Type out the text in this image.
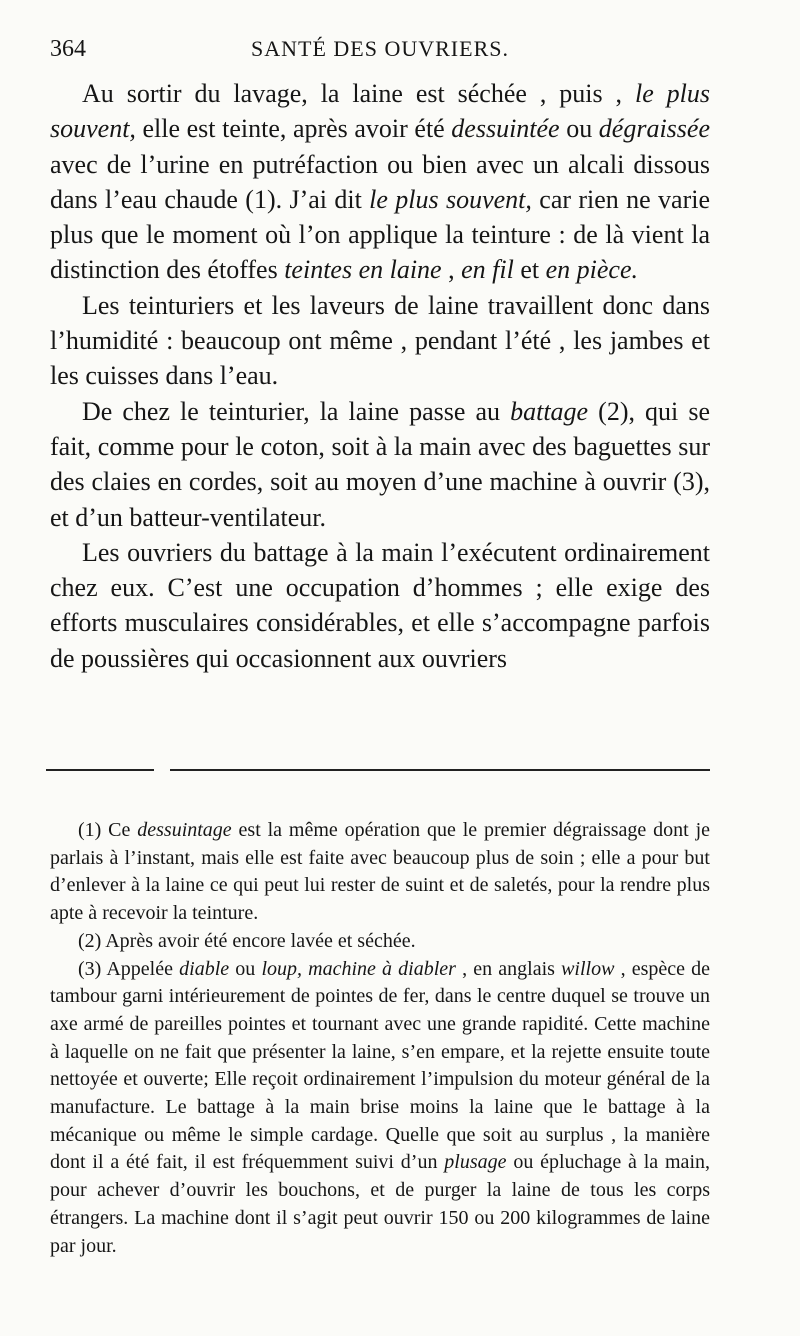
364	SANTÉ DES OUVRIERS.

Au sortir du lavage, la laine est séchée , puis , le plus souvent, elle est teinte, après avoir été dessuintée ou dégraissée avec de l’urine en putréfaction ou bien avec un alcali dissous dans l’eau chaude (1). J’ai dit le plus souvent, car rien ne varie plus que le moment où l’on applique la teinture : de là vient la distinction des étoffes teintes en laine , en fil et en pièce.

Les teinturiers et les laveurs de laine travaillent donc dans l’humidité : beaucoup ont même , pendant l’été , les jambes et les cuisses dans l’eau.

De chez le teinturier, la laine passe au battage (2), qui se fait, comme pour le coton, soit à la main avec des baguettes sur des claies en cordes, soit au moyen d’une machine à ouvrir (3), et d’un batteur-ventilateur.

Les ouvriers du battage à la main l’exécutent ordinairement chez eux. C’est une occupation d’hommes ; elle exige des efforts musculaires considérables, et elle s’accompagne parfois de poussières qui occasionnent aux ouvriers

(1) Ce dessuintage est la même opération que le premier dégraissage dont je parlais à l’instant, mais elle est faite avec beaucoup plus de soin ; elle a pour but d’enlever à la laine ce qui peut lui rester de suint et de saletés, pour la rendre plus apte à recevoir la teinture.

(2) Après avoir été encore lavée et séchée.

(3) Appelée diable ou loup, machine à diabler , en anglais willow , espèce de tambour garni intérieurement de pointes de fer, dans le centre duquel se trouve un axe armé de pareilles pointes et tournant avec une grande rapidité. Cette machine à laquelle on ne fait que présenter la laine, s’en empare, et la rejette ensuite toute nettoyée et ouverte; Elle reçoit ordinairement l’impulsion du moteur général de la manufacture. Le battage à la main brise moins la laine que le battage à la mécanique ou même le simple cardage. Quelle que soit au surplus , la manière dont il a été fait, il est fréquemment suivi d’un plusage ou épluchage à la main, pour achever d’ouvrir les bouchons, et de purger la laine de tous les corps étrangers. La machine dont il s’agit peut ouvrir 150 ou 200 kilogrammes de laine par jour.
